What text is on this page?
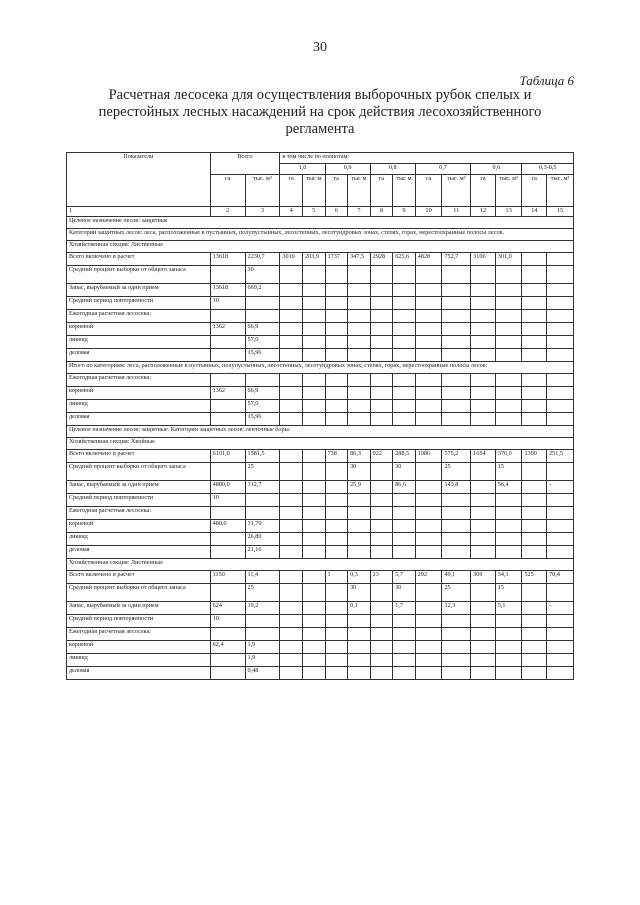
30
Таблица 6
Расчетная лесосека для осуществления выборочных рубок спелых и перестойных лесных насаждений на срок действия лесохозяйственного регламента
Показатели	Всего		в том числе по полнотам:											
			1,0		0,9		0,8		0,7		0,6		0,3-0,5	
	га	тыс. м³	га	тыс м	га	тыс м	га	тыс м	га	тыс. м³	га	тыс. м³	га	тыс. м³
1	2	3	4	5	6	7	8	9	10	11	12	13	14	15
Целевое назначение лесов: защитные														
Категории защитных лесов: леса, расположенные в пустынных, полупустынных, лесостепных, лесотундровых зонах, степях, горах, нерестоохранные полосы лесов.														
Хозяйственная секция: Лиственные														
Всего включено в расчет	13618	2230,7	3019	203,9	1737	347,5	2928	625,6	4828	752,7	3106	301,0		
Средний процент выборки от общего запаса		30												
Запас, вырубаемый за один прием	13618	669,2												
Средний период повторяемости	10													
Ежегодная расчетная лесосека:														
корневой	1362	66,9												
ликвид		57,0												
деловая		15,96												
Итого по категориям: леса, расположенные в пустынных, полупустынных, лесостепных, лесотундровых зонах, степях, горах, нерестоохранные полосы лесов:														
Ежегодная расчетная лесосека:														
корневой	1362	66,9												
ликвид		57,0												
деловая		15,96												
Целевое назначение лесов: защитные. Категории защитных лесов: ленточные боры.														
Хозяйственная секция: Хвойные														
Всего включено в расчет	6101,0	1581,5			738	86,3	922	288,5	1986	575,2	1654	376,0	1300	251,5
Средний процент выборки от общего запаса		25				30		30		25		15		
Запас, вырубаемый за один прием	4800,0	312,7				25,9		86,6		143,8		56,4		-
Средний период повторяемости	10													
Ежегодная расчетная лесосека:														
корневой	480,0	31,70												
ликвид		26,80												
деловая		21,16												
Хозяйственная секция: Лиственные														
Всего включено в расчет	1150	11,4			1	0,3	23	5,7	292	49,1	309	34,3	525	70,4
Средний процент выборки от общего запаса		25				30		30		25		15		
Запас, вырубаемый за один прием	624	19,2				0,1		1,7		12,3		5,1		-
Средний период повторяемости	10													
Ежегодная расчетная лесосека:														
корневой	62,4	1,9												
ликвид		1,9												
деловая		0,48												
